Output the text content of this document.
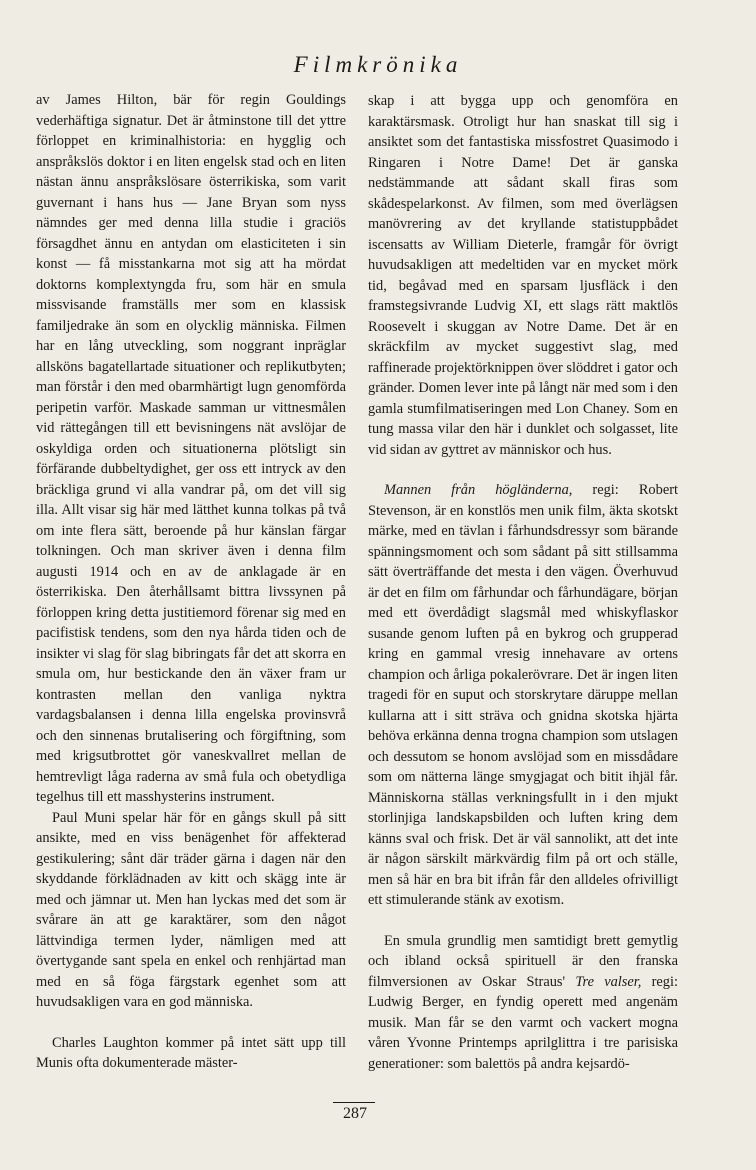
Filmkrönika

av James Hilton, bär för regin Gouldings vederhäftiga signatur. Det är åtminstone till det yttre förloppet en kriminalhistoria: en hygglig och anspråkslös doktor i en liten engelsk stad och en liten nästan ännu anspråkslösare österrikiska, som varit guvernant i hans hus — Jane Bryan som nyss nämndes ger med denna lilla studie i graciös försagdhet ännu en antydan om elasticiteten i sin konst — få misstankarna mot sig att ha mördat doktorns komplextyngda fru, som här en smula missvisande framställs mer som en klassisk familjedrake än som en olycklig människa. Filmen har en lång utveckling, som noggrant inpräglar allsköns bagatellartade situationer och replikutbyten; man förstår i den med obarmhärtigt lugn genomförda peripetin varför. Maskade samman ur vittnesmålen vid rättegången till ett bevisningens nät avslöjar de oskyldiga orden och situationerna plötsligt sin förfärande dubbeltydighet, ger oss ett intryck av den bräckliga grund vi alla vandrar på, om det vill sig illa. Allt visar sig här med lätthet kunna tolkas på två om inte flera sätt, beroende på hur känslan färgar tolkningen. Och man skriver även i denna film augusti 1914 och en av de anklagade är en österrikiska. Den återhållsamt bittra livssynen på förloppen kring detta justitiemord förenar sig med en pacifistisk tendens, som den nya hårda tiden och de insikter vi slag för slag bibringats får det att skorra en smula om, hur bestickande den än växer fram ur kontrasten mellan den vanliga nyktra vardagsbalansen i denna lilla engelska provinsvrå och den sinnenas brutalisering och förgiftning, som med krigsutbrottet gör vaneskvallret mellan de hemtrevligt låga raderna av små fula och obetydliga tegelhus till ett masshysterins instrument.

Paul Muni spelar här för en gångs skull på sitt ansikte, med en viss benägenhet för affekterad gestikulering; sånt där träder gärna i dagen när den skyddande förklädnaden av kitt och skägg inte är med och jämnar ut. Men han lyckas med det som är svårare än att ge karaktärer, som den något lättvindiga termen lyder, nämligen med att övertygande sant spela en enkel och renhjärtad man med en så föga färgstark egenhet som att huvudsakligen vara en god människa.

Charles Laughton kommer på intet sätt upp till Munis ofta dokumenterade mäster-

skap i att bygga upp och genomföra en karaktärsmask. Otroligt hur han snaskat till sig i ansiktet som det fantastiska missfostret Quasimodo i Ringaren i Notre Dame! Det är ganska nedstämmande att sådant skall firas som skådespelarkonst. Av filmen, som med överlägsen manövrering av det kryllande statistuppbådet iscensatts av William Dieterle, framgår för övrigt huvudsakligen att medeltiden var en mycket mörk tid, begåvad med en sparsam ljusfläck i den framstegsivrande Ludvig XI, ett slags rätt maktlös Roosevelt i skuggan av Notre Dame. Det är en skräckfilm av mycket suggestivt slag, med raffinerade projektörknippen över slöddret i gator och gränder. Domen lever inte på långt när med som i den gamla stumfilmatiseringen med Lon Chaney. Som en tung massa vilar den här i dunklet och solgasset, lite vid sidan av gyttret av människor och hus.

Mannen från högländerna, regi: Robert Stevenson, är en konstlös men unik film, äkta skotskt märke, med en tävlan i fårhundsdressyr som bärande spänningsmoment och som sådant på sitt stillsamma sätt överträffande det mesta i den vägen. Överhuvud är det en film om fårhundar och fårhundägare, början med ett överdådigt slagsmål med whiskyflaskor susande genom luften på en bykrog och grupperad kring en gammal vresig innehavare av ortens champion och årliga pokalerövrare. Det är ingen liten tragedi för en suput och storskrytare däruppe mellan kullarna att i sitt sträva och gnidna skotska hjärta behöva erkänna denna trogna champion som utslagen och dessutom se honom avslöjad som en missdådare som om nätterna länge smygjagat och bitit ihjäl får. Människorna ställas verkningsfullt in i den mjukt storlinjiga landskapsbilden och luften kring dem känns sval och frisk. Det är väl sannolikt, att det inte är någon särskilt märkvärdig film på ort och ställe, men så här en bra bit ifrån får den alldeles ofrivilligt ett stimulerande stänk av exotism.

En smula grundlig men samtidigt brett gemytlig och ibland också spirituell är den franska filmversionen av Oskar Straus' Tre valser, regi: Ludwig Berger, en fyndig operett med angenäm musik. Man får se den varmt och vackert mogna våren Yvonne Printemps aprilglittra i tre parisiska generationer: som balettös på andra kejsardö-

287
